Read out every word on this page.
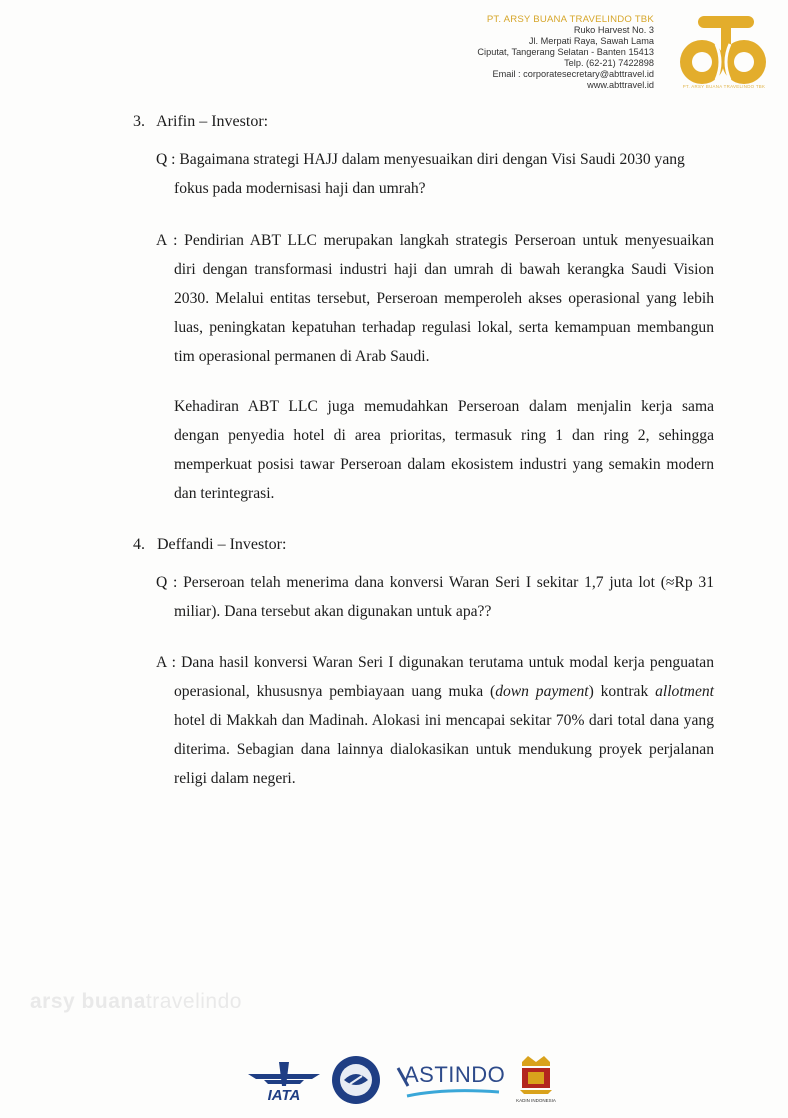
PT. ARSY BUANA TRAVELINDO TBK
Ruko Harvest No. 3
Jl. Merpati Raya, Sawah Lama
Ciputat, Tangerang Selatan - Banten 15413
Telp. (62-21) 7422898
Email : corporatesecretary@abttravel.id
www.abttravel.id	PT. ARSY BUANA TRAVELINDO TBK
3. Arifin – Investor:
Q : Bagaimana strategi HAJJ dalam menyesuaikan diri dengan Visi Saudi 2030 yang
fokus pada modernisasi haji dan umrah?
A : Pendirian ABT LLC merupakan langkah strategis Perseroan untuk menyesuaikan
diri dengan transformasi industri haji dan umrah di bawah kerangka Saudi Vision
2030. Melalui entitas tersebut, Perseroan memperoleh akses operasional yang lebih
luas, peningkatan kepatuhan terhadap regulasi lokal, serta kemampuan membangun
tim operasional permanen di Arab Saudi.
Kehadiran ABT LLC juga memudahkan Perseroan dalam menjalin kerja sama
dengan penyedia hotel di area prioritas, termasuk ring 1 dan ring 2, sehingga
memperkuat posisi tawar Perseroan dalam ekosistem industri yang semakin modern
dan terintegrasi.
4. Deffandi – Investor:
Q : Perseroan telah menerima dana konversi Waran Seri I sekitar 1,7 juta lot (≈Rp 31
miliar). Dana tersebut akan digunakan untuk apa??
A : Dana hasil konversi Waran Seri I digunakan terutama untuk modal kerja penguatan
operasional, khususnya pembiayaan uang muka (down payment) kontrak allotment
hotel di Makkah dan Madinah. Alokasi ini mencapai sekitar 70% dari total dana yang
diterima. Sebagian dana lainnya dialokasikan untuk mendukung proyek perjalanan
religi dalam negeri.
arsy buanatravelindo
IATA
ASTINDO
KADIN INDONESIA
